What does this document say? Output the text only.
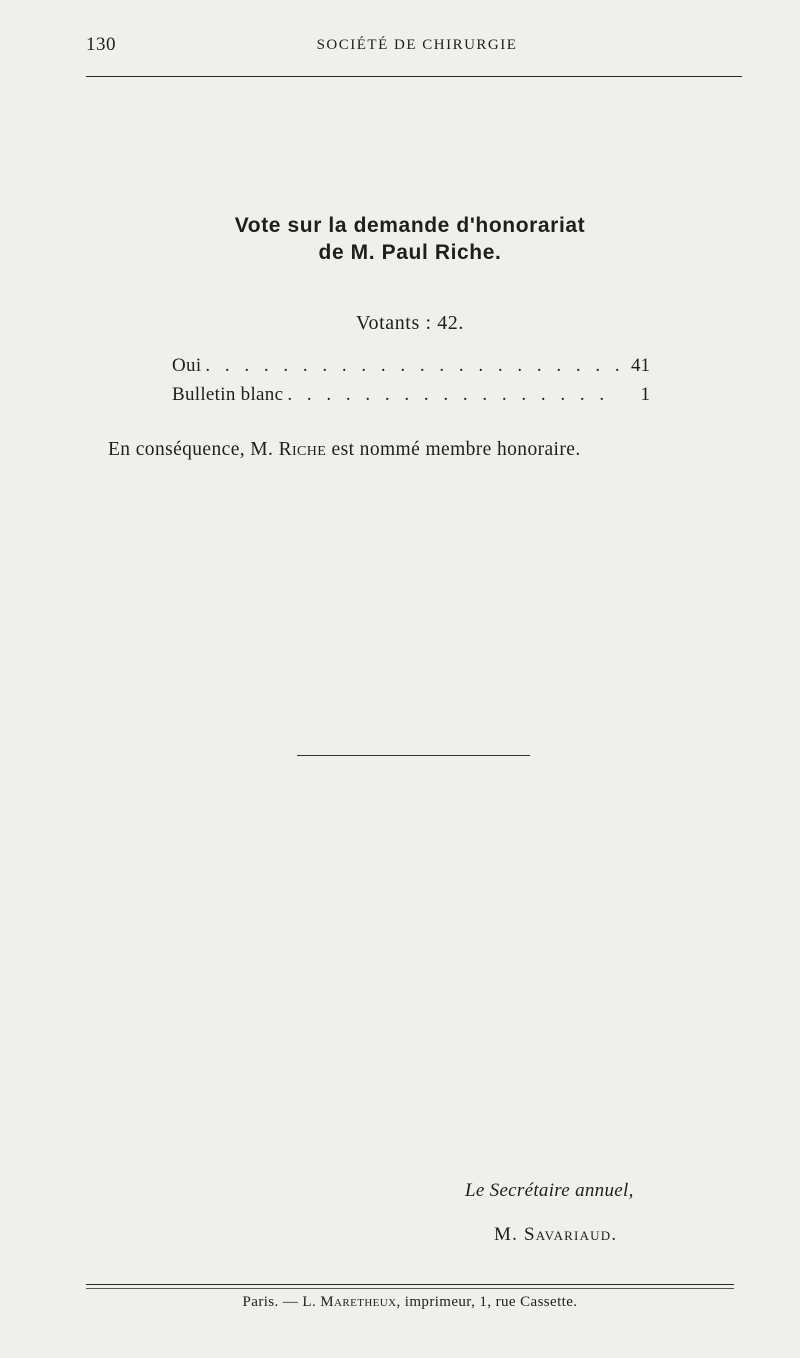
130	SOCIÉTÉ DE CHIRURGIE
Vote sur la demande d'honorariat
de M. Paul Riche.
Votants : 42.
Oui . . .	41
Bulletin blanc . . .	1
En conséquence, M. Riche est nommé membre honoraire.
Le Secrétaire annuel,
M. Savariaud.
Paris. — L. Maretheux, imprimeur, 1, rue Cassette.
